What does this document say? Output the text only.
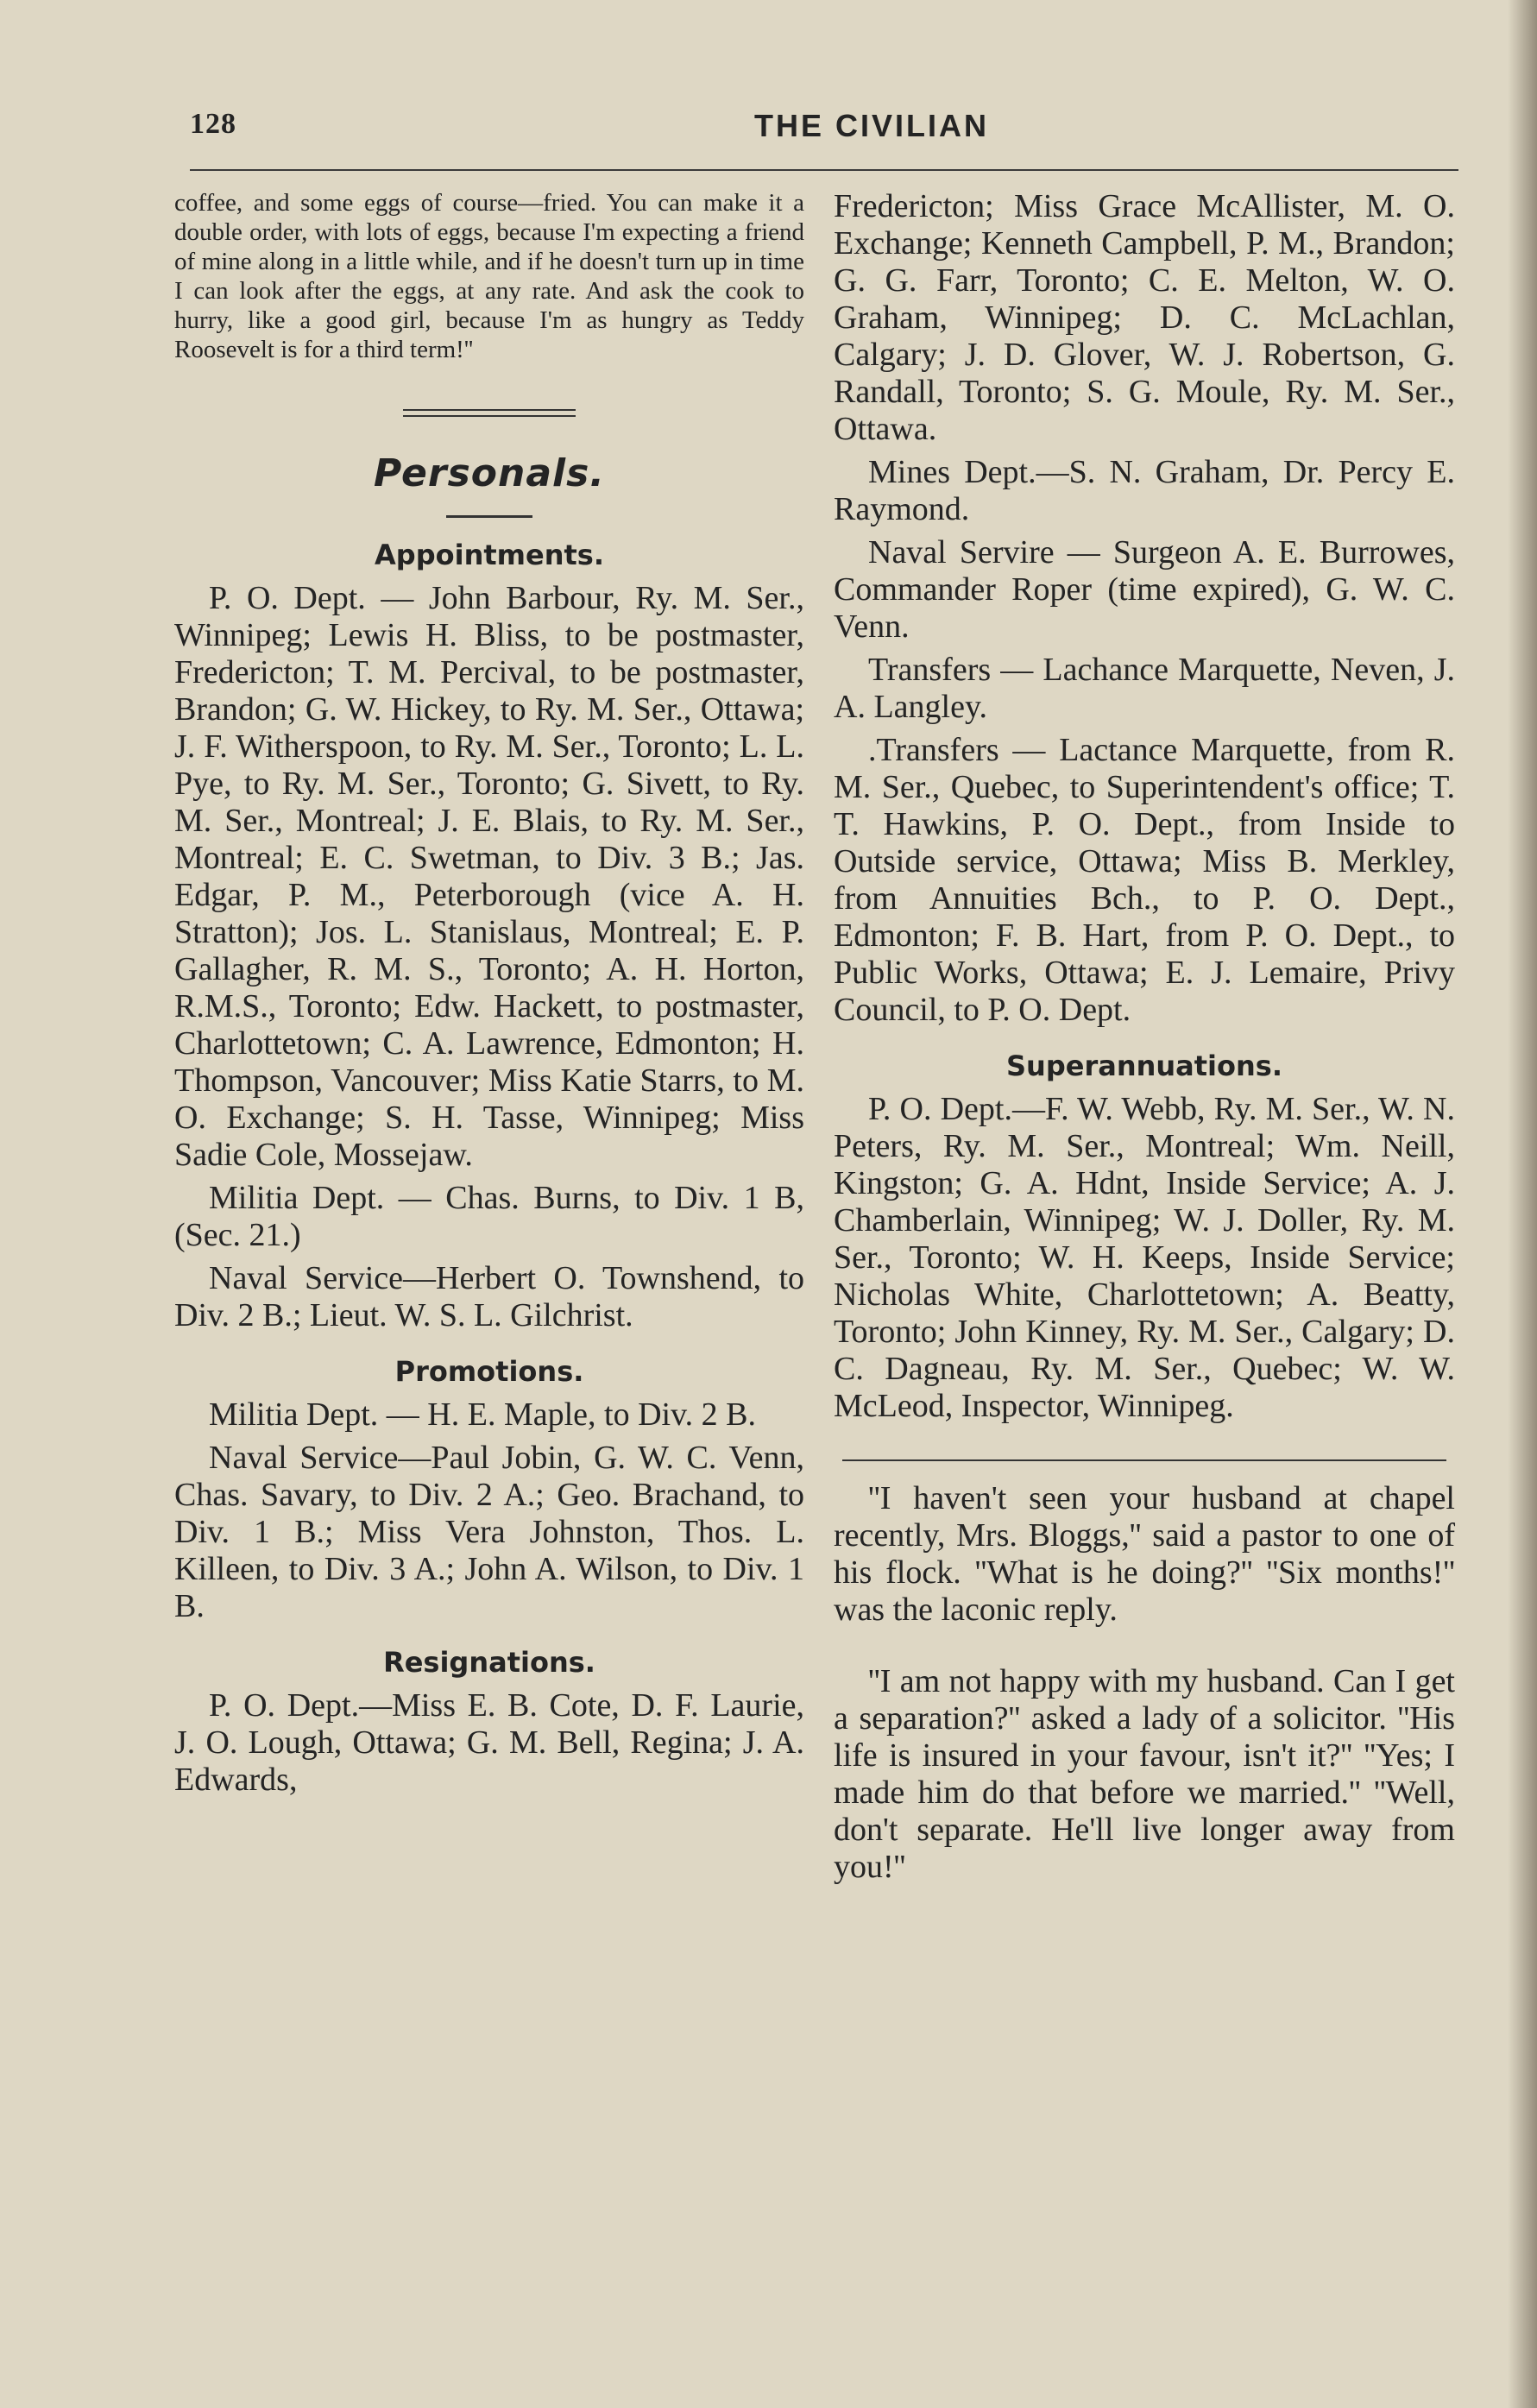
128	THE CIVILIAN

coffee, and some eggs of course—fried. You can make it a double order, with lots of eggs, because I'm expecting a friend of mine along in a little while, and if he doesn't turn up in time I can look after the eggs, at any rate. And ask the cook to hurry, like a good girl, because I'm as hungry as Teddy Roosevelt is for a third term!''

Personals.
Appointments.

P. O. Dept. — John Barbour, Ry. M. Ser., Winnipeg; Lewis H. Bliss, to be postmaster, Fredericton; T. M. Percival, to be postmaster, Brandon; G. W. Hickey, to Ry. M. Ser., Ottawa; J. F. Witherspoon, to Ry. M. Ser., Toronto; L. L. Pye, to Ry. M. Ser., Toronto; G. Sivett, to Ry. M. Ser., Montreal; J. E. Blais, to Ry. M. Ser., Montreal; E. C. Swetman, to Div. 3 B.; Jas. Edgar, P. M., Peterborough (vice A. H. Stratton); Jos. L. Stanislaus, Montreal; E. P. Gallagher, R. M. S., Toronto; A. H. Horton, R.M.S., Toronto; Edw. Hackett, to postmaster, Charlottetown; C. A. Lawrence, Edmonton; H. Thompson, Vancouver; Miss Katie Starrs, to M. O. Exchange; S. H. Tasse, Winnipeg; Miss Sadie Cole, Mossejaw.

Militia Dept. — Chas. Burns, to Div. 1 B, (Sec. 21.)

Naval Service—Herbert O. Townshend, to Div. 2 B.; Lieut. W. S. L. Gilchrist.

Promotions.

Militia Dept. — H. E. Maple, to Div. 2 B.

Naval Service—Paul Jobin, G. W. C. Venn, Chas. Savary, to Div. 2 A.; Geo. Brachand, to Div. 1 B.; Miss Vera Johnston, Thos. L. Killeen, to Div. 3 A.; John A. Wilson, to Div. 1 B.

Resignations.

P. O. Dept.—Miss E. B. Cote, D. F. Laurie, J. O. Lough, Ottawa; G. M. Bell, Regina; J. A. Edwards,

Fredericton; Miss Grace McAllister, M. O. Exchange; Kenneth Campbell, P. M., Brandon; G. G. Farr, Toronto; C. E. Melton, W. O. Graham, Winnipeg; D. C. McLachlan, Calgary; J. D. Glover, W. J. Robertson, G. Randall, Toronto; S. G. Moule, Ry. M. Ser., Ottawa.

Mines Dept.—S. N. Graham, Dr. Percy E. Raymond.

Naval Servire — Surgeon A. E. Burrowes, Commander Roper (time expired), G. W. C. Venn.

Transfers — Lachance Marquette, Neven, J. A. Langley.

.Transfers — Lactance Marquette, from R. M. Ser., Quebec, to Superintendent's office; T. T. Hawkins, P. O. Dept., from Inside to Outside service, Ottawa; Miss B. Merkley, from Annuities Bch., to P. O. Dept., Edmonton; F. B. Hart, from P. O. Dept., to Public Works, Ottawa; E. J. Lemaire, Privy Council, to P. O. Dept.

Superannuations.

P. O. Dept.—F. W. Webb, Ry. M. Ser., W. N. Peters, Ry. M. Ser., Montreal; Wm. Neill, Kingston; G. A. Hdnt, Inside Service; A. J. Chamberlain, Winnipeg; W. J. Doller, Ry. M. Ser., Toronto; W. H. Keeps, Inside Service; Nicholas White, Charlottetown; A. Beatty, Toronto; John Kinney, Ry. M. Ser., Calgary; D. C. Dagneau, Ry. M. Ser., Quebec; W. W. McLeod, Inspector, Winnipeg.

''I haven't seen your husband at chapel recently, Mrs. Bloggs,'' said a pastor to one of his flock. ''What is he doing?'' ''Six months!'' was the laconic reply.

''I am not happy with my husband. Can I get a separation?'' asked a lady of a solicitor. ''His life is insured in your favour, isn't it?'' ''Yes; I made him do that before we married.'' ''Well, don't separate. He'll live longer away from you!''
